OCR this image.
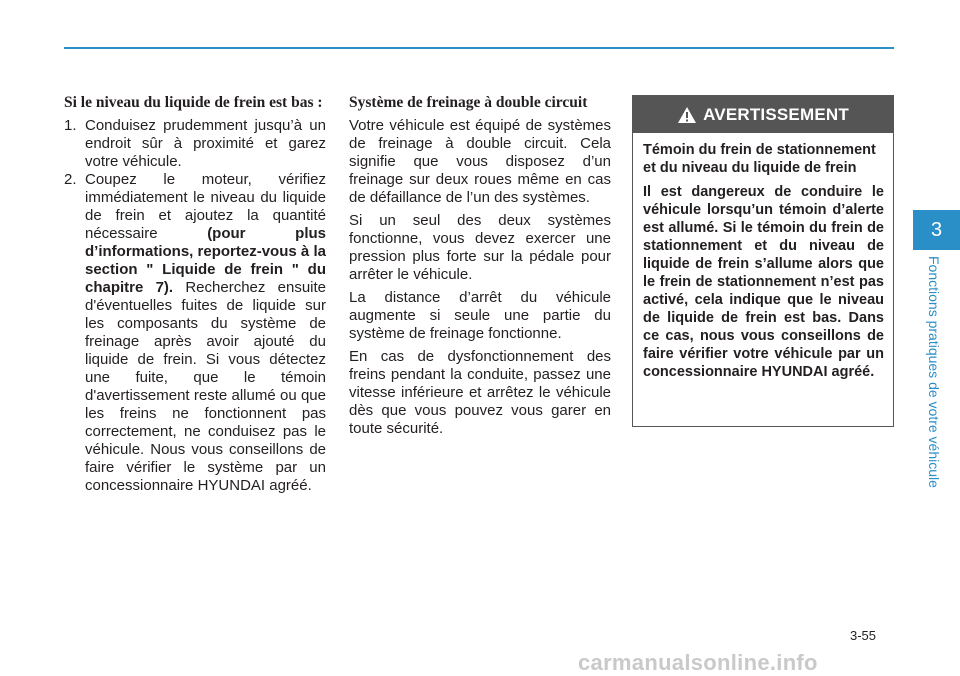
Si le niveau du liquide de frein est bas :

1. Conduisez prudemment jusqu’à un endroit sûr à proximité et garez votre véhicule.
2. Coupez le moteur, vérifiez immédiatement le niveau du liquide de frein et ajoutez la quantité nécessaire (pour plus d’informations, reportez-vous à la section " Liquide de frein " du chapitre 7). Recherchez ensuite d'éventuelles fuites de liquide sur les composants du système de freinage après avoir ajouté du liquide de frein. Si vous détectez une fuite, que le témoin d'avertissement reste allumé ou que les freins ne fonctionnent pas correctement, ne conduisez pas le véhicule. Nous vous conseillons de faire vérifier le système par un concessionnaire HYUNDAI agréé.

Système de freinage à double circuit

Votre véhicule est équipé de systèmes de freinage à double circuit. Cela signifie que vous disposez d’un freinage sur deux roues même en cas de défaillance de l’un des systèmes.

Si un seul des deux systèmes fonctionne, vous devez exercer une pression plus forte sur la pédale pour arrêter le véhicule.

La distance d’arrêt du véhicule augmente si seule une partie du système de freinage fonctionne.

En cas de dysfonctionnement des freins pendant la conduite, passez une vitesse inférieure et arrêtez le véhicule dès que vous pouvez vous garer en toute sécurité.

AVERTISSEMENT

Témoin du frein de stationnement et du niveau du liquide de frein

Il est dangereux de conduire le véhicule lorsqu’un témoin d’alerte est allumé. Si le témoin du frein de stationnement et du niveau de liquide de frein s’allume alors que le frein de stationnement n’est pas activé, cela indique que le niveau de liquide de frein est bas. Dans ce cas, nous vous conseillons de faire vérifier votre véhicule par un concessionnaire HYUNDAI agréé.

3
Fonctions pratiques de votre véhicule
3-55
carmanualsonline.info
